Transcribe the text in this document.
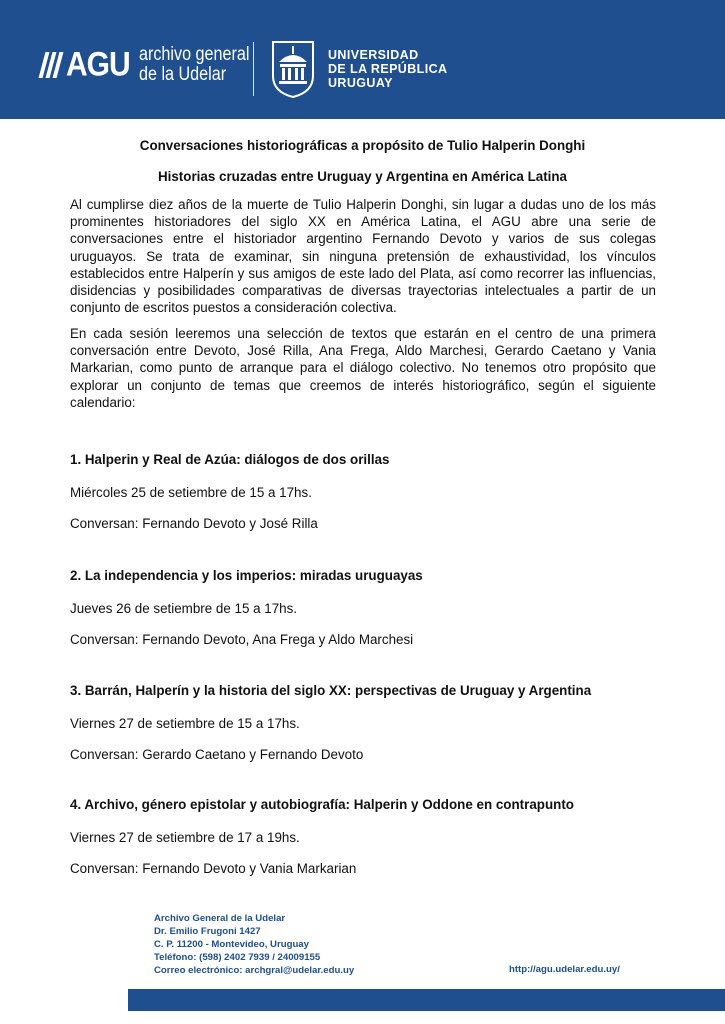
AGU archivo general
de la Udelar
UNIVERSIDAD
DE LA REPÚBLICA
URUGUAY
Conversaciones historiográficas a propósito de Tulio Halperin Donghi
Historias cruzadas entre Uruguay y Argentina en América Latina

Al cumplirse diez años de la muerte de Tulio Halperin Donghi, sin lugar a dudas uno de los más prominentes historiadores del siglo XX en América Latina, el AGU abre una serie de conversaciones entre el historiador argentino Fernando Devoto y varios de sus colegas uruguayos. Se trata de examinar, sin ninguna pretensión de exhaustividad, los vínculos establecidos entre Halperín y sus amigos de este lado del Plata, así como recorrer las influencias, disidencias y posibilidades comparativas de diversas trayectorias intelectuales a partir de un conjunto de escritos puestos a consideración colectiva.

En cada sesión leeremos una selección de textos que estarán en el centro de una primera conversación entre Devoto, José Rilla, Ana Frega, Aldo Marchesi, Gerardo Caetano y Vania Markarian, como punto de arranque para el diálogo colectivo. No tenemos otro propósito que explorar un conjunto de temas que creemos de interés historiográfico, según el siguiente calendario:

1. Halperin y Real de Azúa: diálogos de dos orillas
Miércoles 25 de setiembre de 15 a 17hs.
Conversan: Fernando Devoto y José Rilla
2. La independencia y los imperios: miradas uruguayas
Jueves 26 de setiembre de 15 a 17hs.
Conversan: Fernando Devoto, Ana Frega y Aldo Marchesi
3. Barrán, Halperín y la historia del siglo XX: perspectivas de Uruguay y Argentina
Viernes 27 de setiembre de 15 a 17hs.
Conversan: Gerardo Caetano y Fernando Devoto
4. Archivo, género epistolar y autobiografía: Halperin y Oddone en contrapunto
Viernes 27 de setiembre de 17 a 19hs.
Conversan: Fernando Devoto y Vania Markarian
Archivo General de la Udelar
Dr. Emilio Frugoni 1427
C. P. 11200 - Montevideo, Uruguay
Teléfono: (598) 2402 7939 / 24009155
Correo electrónico: archgral@udelar.edu.uy	http://agu.udelar.edu.uy/
